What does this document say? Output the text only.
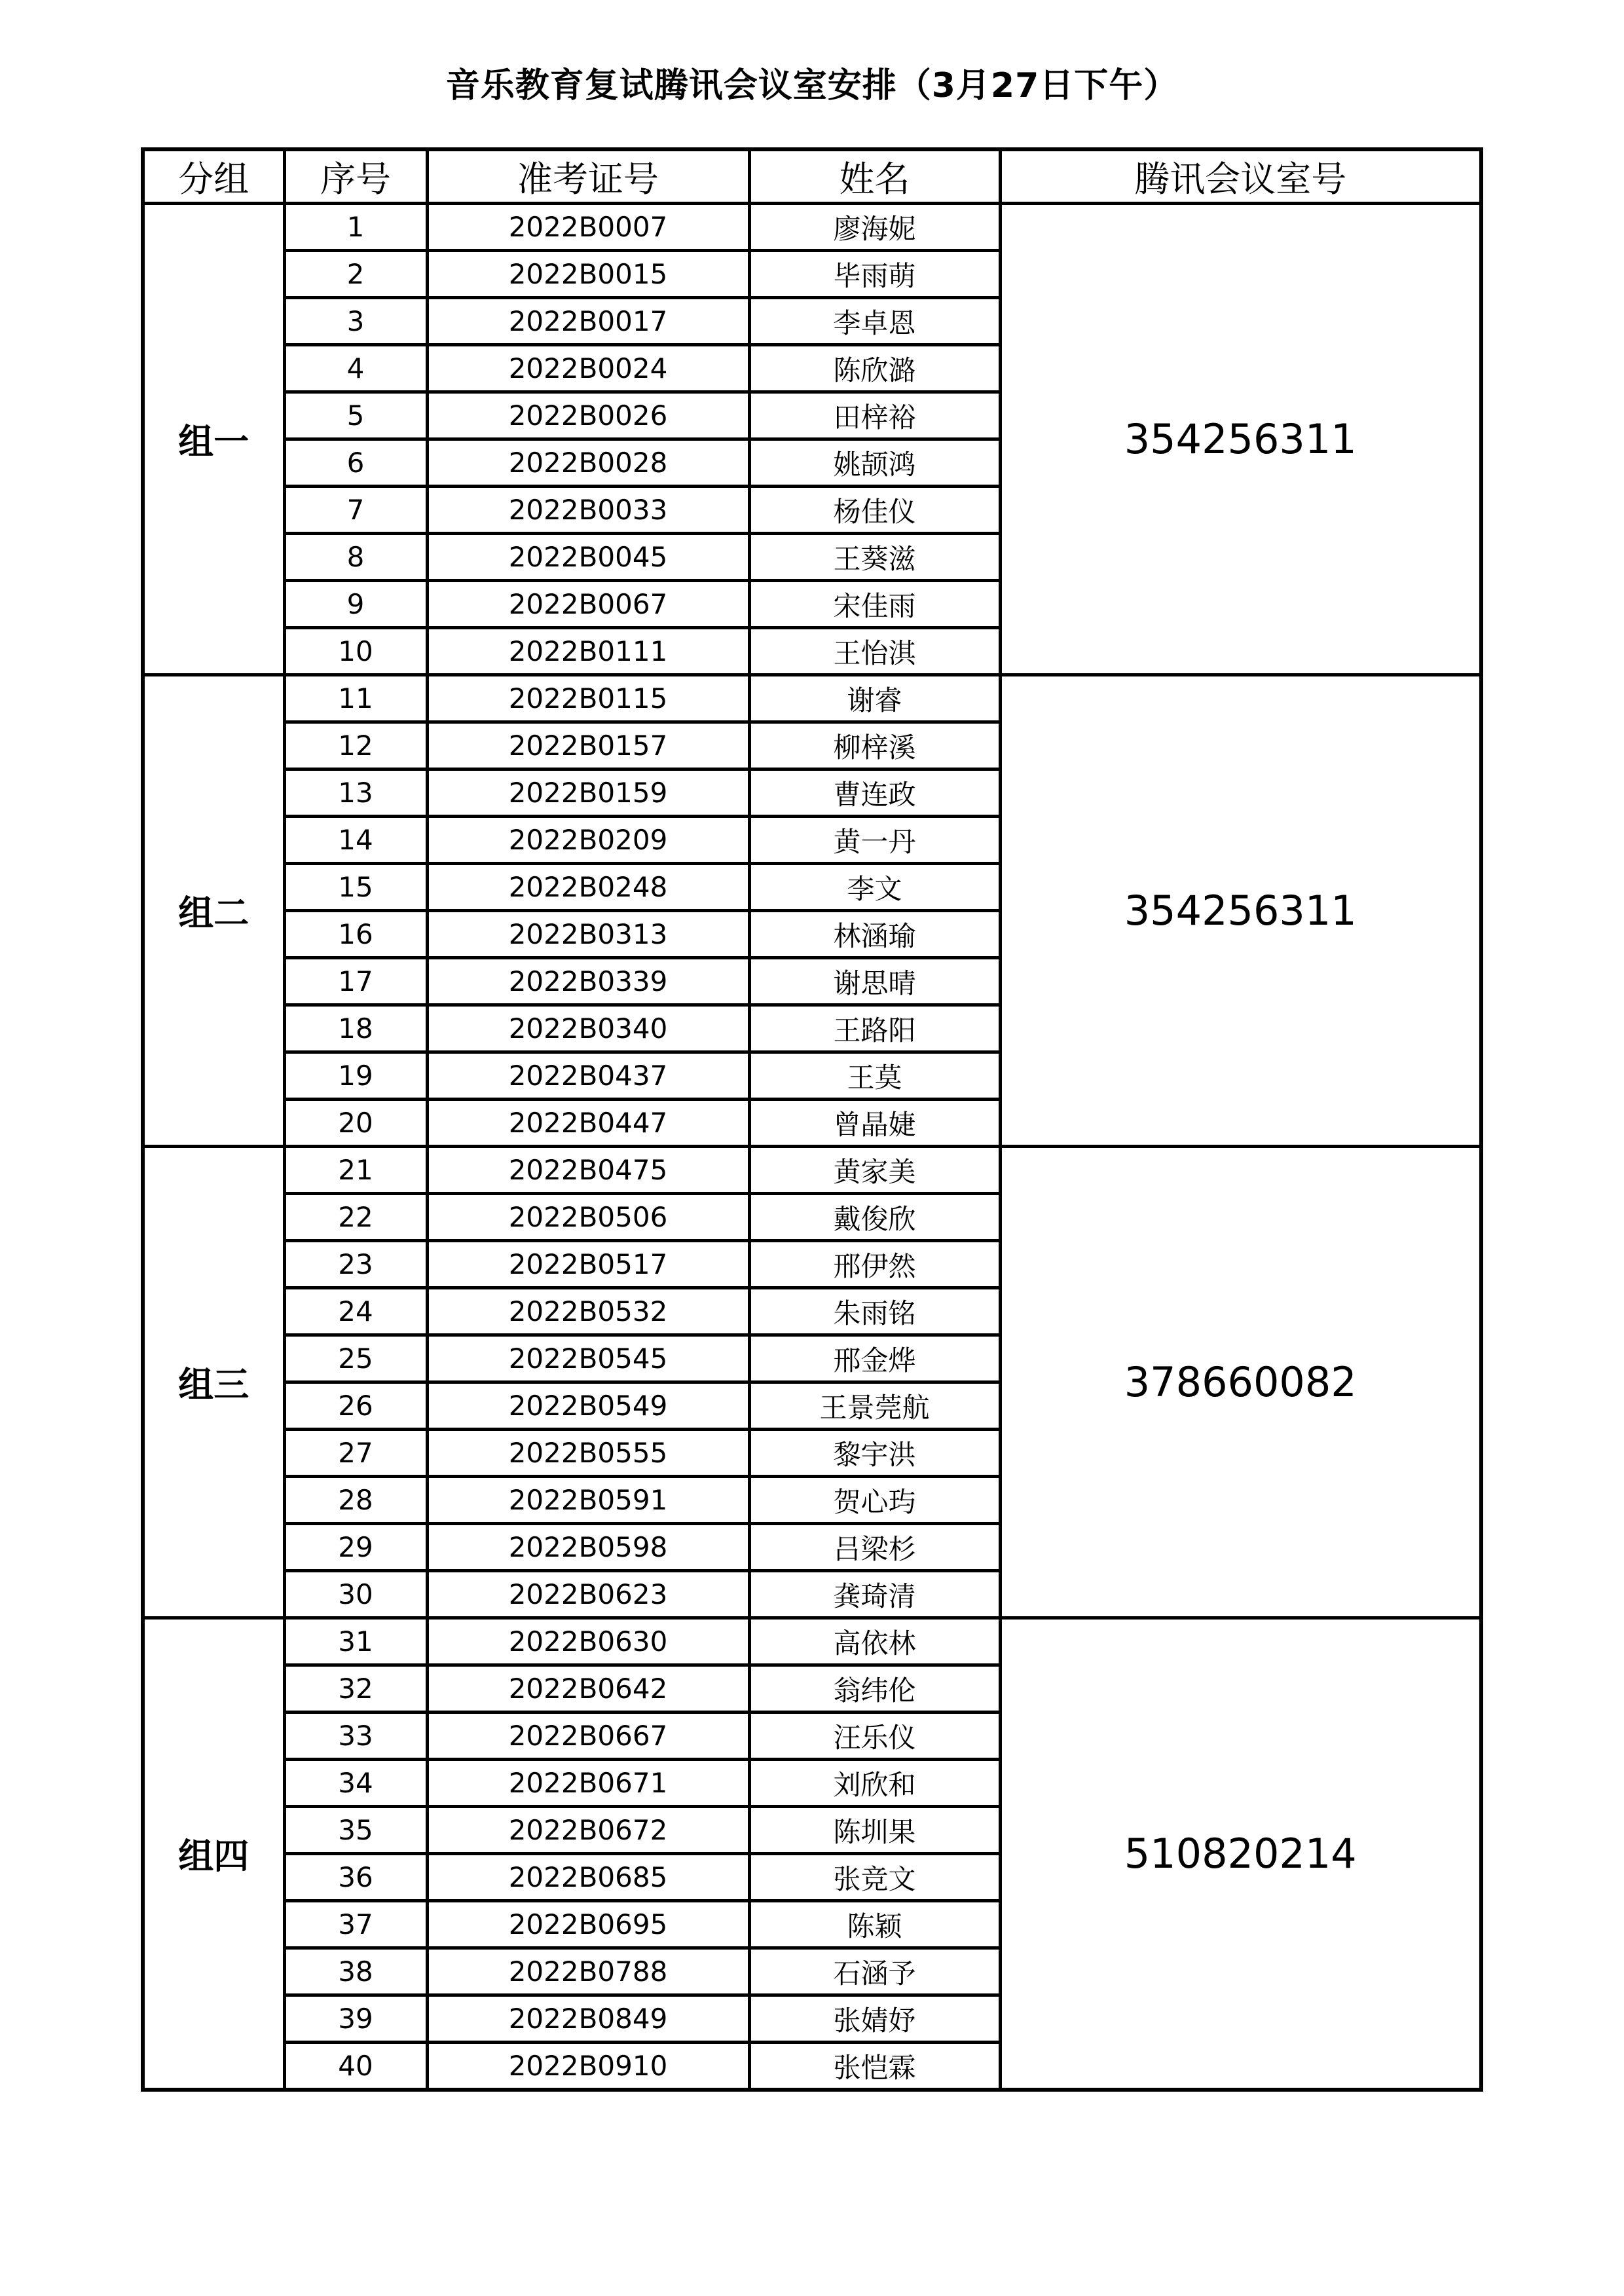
音乐教育复试腾讯会议室安排（3月27日下午）
分组	序号	准考证号	姓名	腾讯会议室号
组一	1	2022B0007	廖海妮	354256311
	2	2022B0015	毕雨萌	
	3	2022B0017	李卓恩	
	4	2022B0024	陈欣潞	
	5	2022B0026	田梓裕	
	6	2022B0028	姚颉鸿	
	7	2022B0033	杨佳仪	
	8	2022B0045	王葵滋	
	9	2022B0067	宋佳雨	
	10	2022B0111	王怡淇	
组二	11	2022B0115	谢睿	354256311
	12	2022B0157	柳梓溪	
	13	2022B0159	曹连政	
	14	2022B0209	黄一丹	
	15	2022B0248	李文	
	16	2022B0313	林涵瑜	
	17	2022B0339	谢思晴	
	18	2022B0340	王路阳	
	19	2022B0437	王莫	
	20	2022B0447	曾晶婕	
组三	21	2022B0475	黄家美	378660082
	22	2022B0506	戴俊欣	
	23	2022B0517	邢伊然	
	24	2022B0532	朱雨铭	
	25	2022B0545	邢金烨	
	26	2022B0549	王景莞航	
	27	2022B0555	黎宇洪	
	28	2022B0591	贺心玙	
	29	2022B0598	吕梁杉	
	30	2022B0623	龚琦清	
组四	31	2022B0630	高依林	510820214
	32	2022B0642	翁纬伦	
	33	2022B0667	汪乐仪	
	34	2022B0671	刘欣和	
	35	2022B0672	陈圳果	
	36	2022B0685	张竞文	
	37	2022B0695	陈颖	
	38	2022B0788	石涵予	
	39	2022B0849	张婧妤	
	40	2022B0910	张恺霖	
